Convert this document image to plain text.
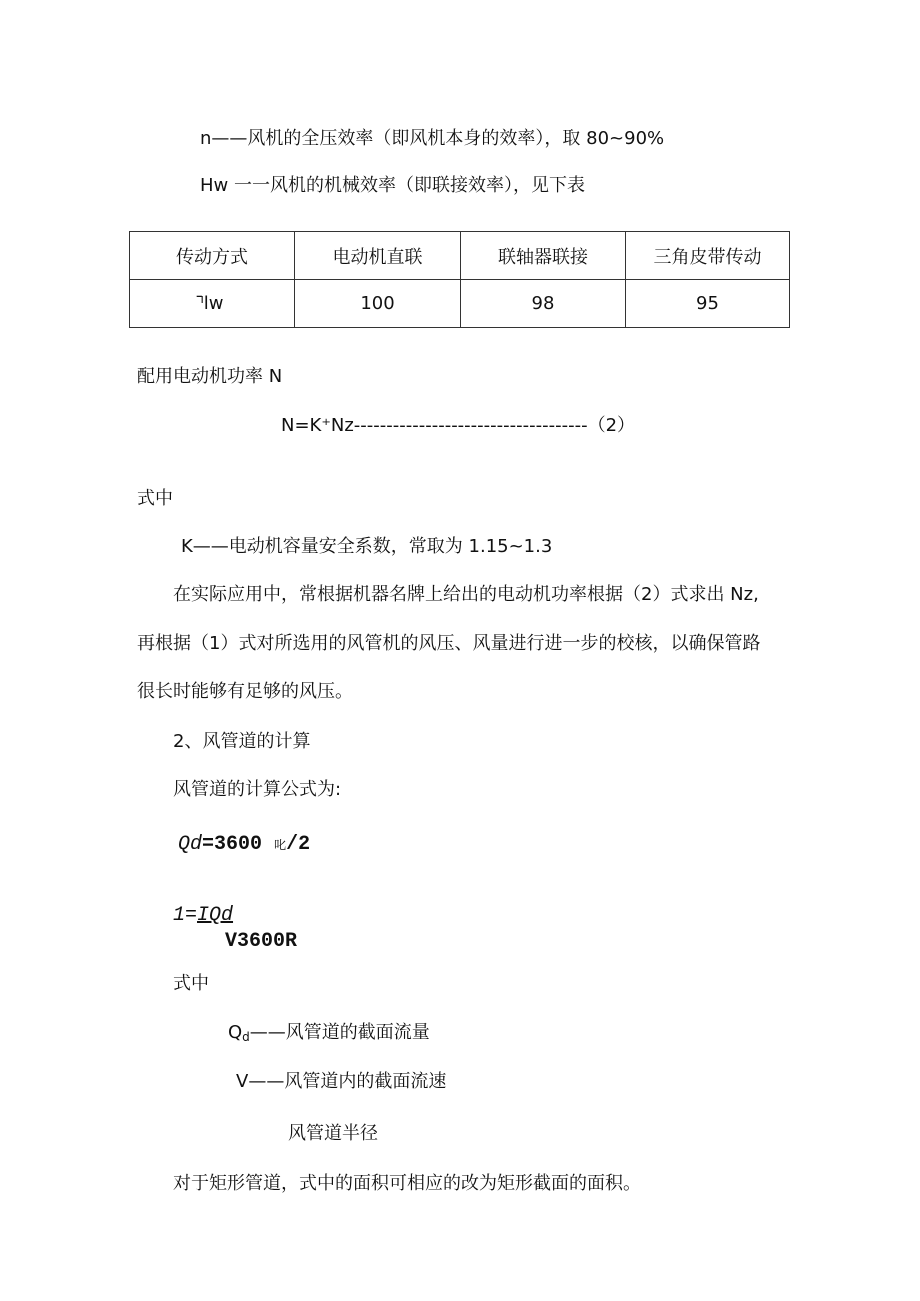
n——风机的全压效率（即风机本身的效率），取 80~90%
Hw 一一风机的机械效率（即联接效率），见下表
传动方式	电动机直联	联轴器联接	三角皮带传动
ᴵ̄lw	100	98	95
配用电动机功率 N
N=K⁺Nz------------------------------------（2）
式中
K——电动机容量安全系数，常取为 1.15~1.3
在实际应用中，常根据机器名牌上给出的电动机功率根据（2）式求出 Nz,
再根据（1）式对所选用的风管机的风压、风量进行进一步的校核，以确保管路
很长时能够有足够的风压。
2、风管道的计算
风管道的计算公式为:
Qd=3600 叱/2
1=IQd
V3600R
式中
$Q_d——$风管道的截面流量
V——风管道内的截面流速
风管道半径
对于矩形管道，式中的面积可相应的改为矩形截面的面积。
